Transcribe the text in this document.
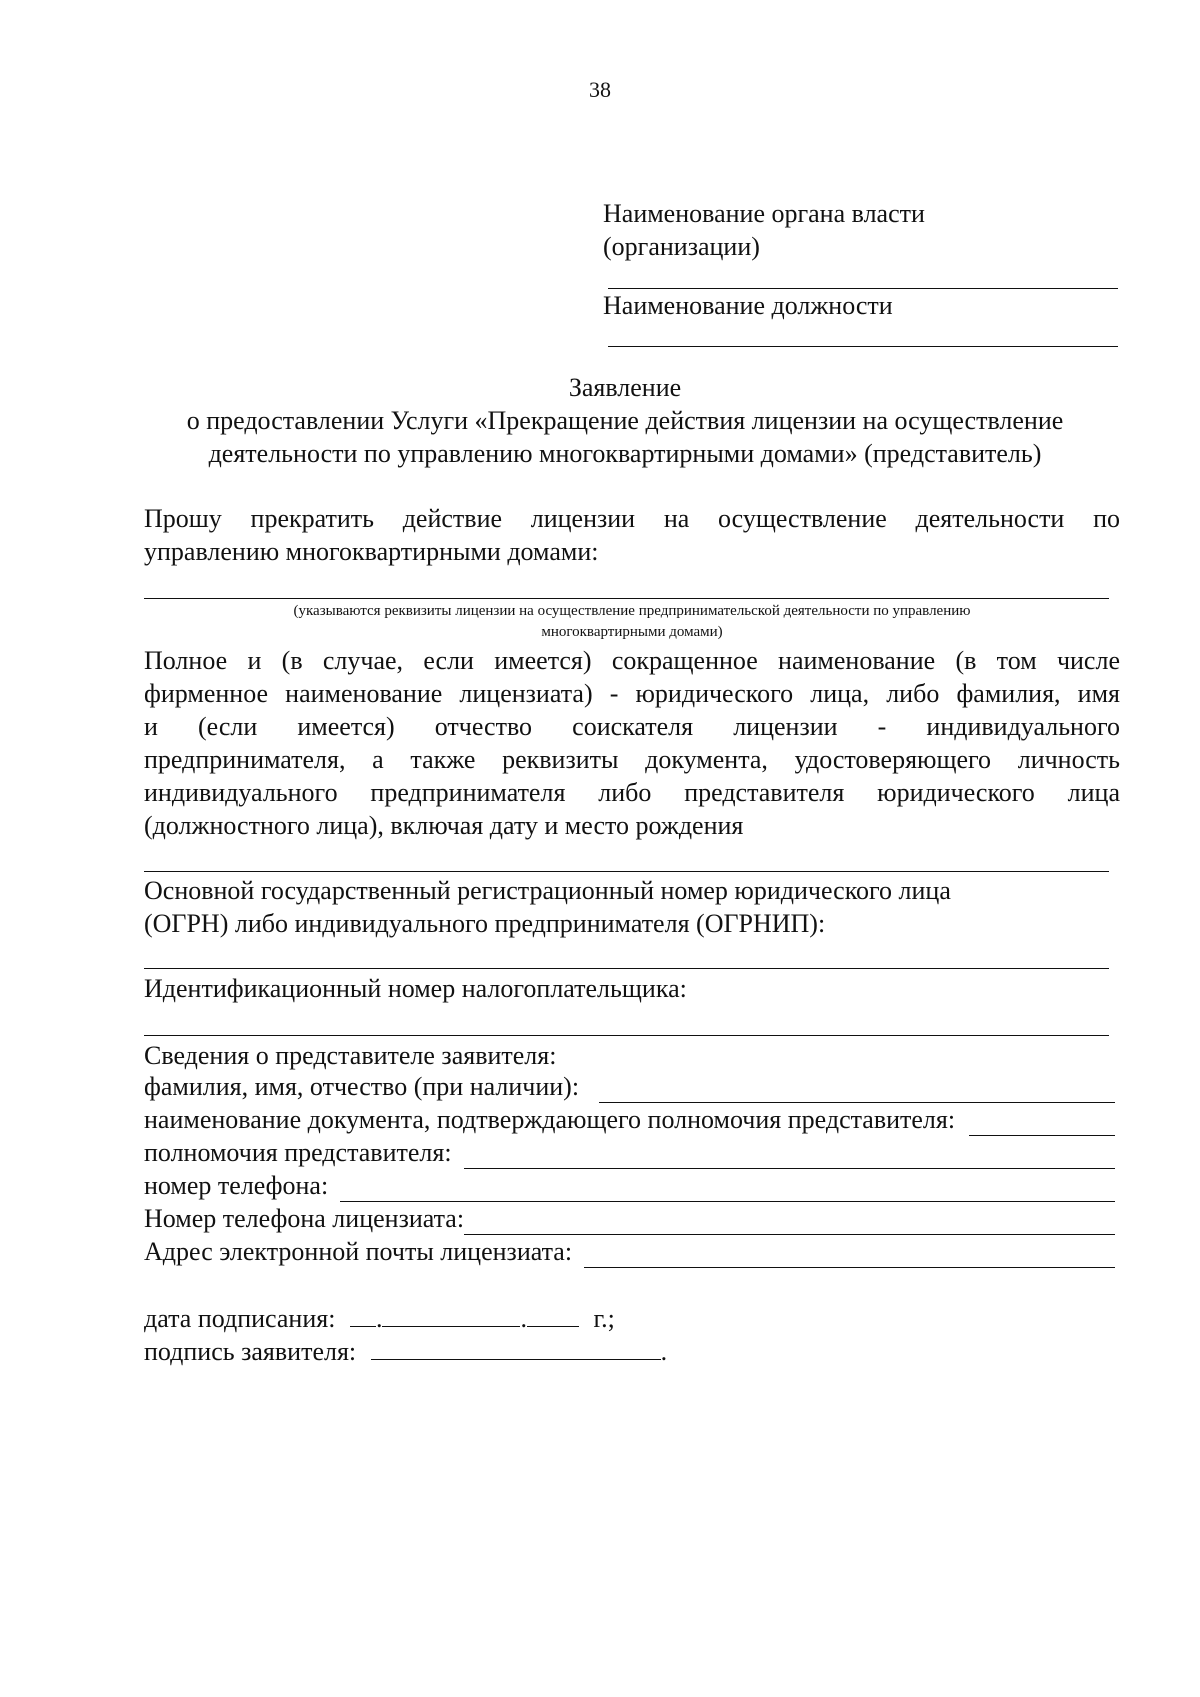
38
Наименование органа власти
(организации)
Наименование должности
Заявление
о предоставлении Услуги «Прекращение действия лицензии на осуществление
деятельности по управлению многоквартирными домами» (представитель)
Прошу прекратить действие лицензии на осуществление деятельности по
управлению многоквартирными домами:
(указываются реквизиты лицензии на осуществление предпринимательской деятельности по управлению
многоквартирными домами)
Полное и (в случае, если имеется) сокращенное наименование (в том числе
фирменное наименование лицензиата) - юридического лица, либо фамилия, имя
и (если имеется) отчество соискателя лицензии - индивидуального
предпринимателя, а также реквизиты документа, удостоверяющего личность
индивидуального предпринимателя либо представителя юридического лица
(должностного лица), включая дату и место рождения
Основной государственный регистрационный номер юридического лица
(ОГРН) либо индивидуального предпринимателя (ОГРНИП):
Идентификационный номер налогоплательщика:
Сведения о представителе заявителя:
фамилия, имя, отчество (при наличии):
наименование документа, подтверждающего полномочия представителя:
полномочия представителя:
номер телефона:
Номер телефона лицензиата:
Адрес электронной почты лицензиата:
дата подписания: .	.	г.;
подпись заявителя:	.
